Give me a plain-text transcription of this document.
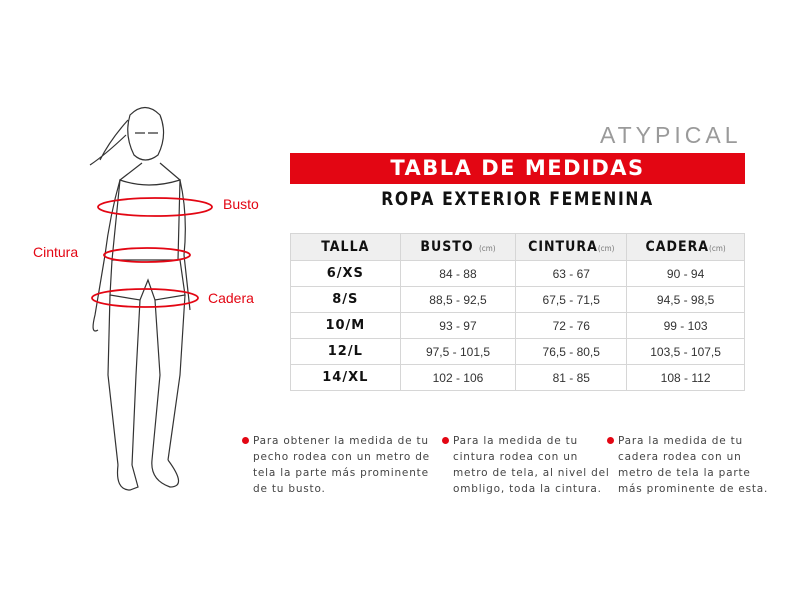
Busto
Cintura
Cadera
ATYPICAL
TABLA DE MEDIDAS
ROPA EXTERIOR FEMENINA
TALLA	BUSTO (cm)	CINTURA(cm)	CADERA(cm)
6/XS	84 - 88	63 - 67	90 - 94
8/S	88,5 - 92,5	67,5 - 71,5	94,5 - 98,5
10/M	93 - 97	72 - 76	99 - 103
12/L	97,5 - 101,5	76,5 - 80,5	103,5 - 107,5
14/XL	102 - 106	81 - 85	108 - 112
Para obtener la medida de tu
pecho rodea con un metro de
tela la parte más prominente
de tu busto.
Para la medida de tu
cintura rodea con un
metro de tela, al nivel del
ombligo, toda la cintura.
Para la medida de tu
cadera rodea con un
metro de tela la parte
más prominente de esta.
